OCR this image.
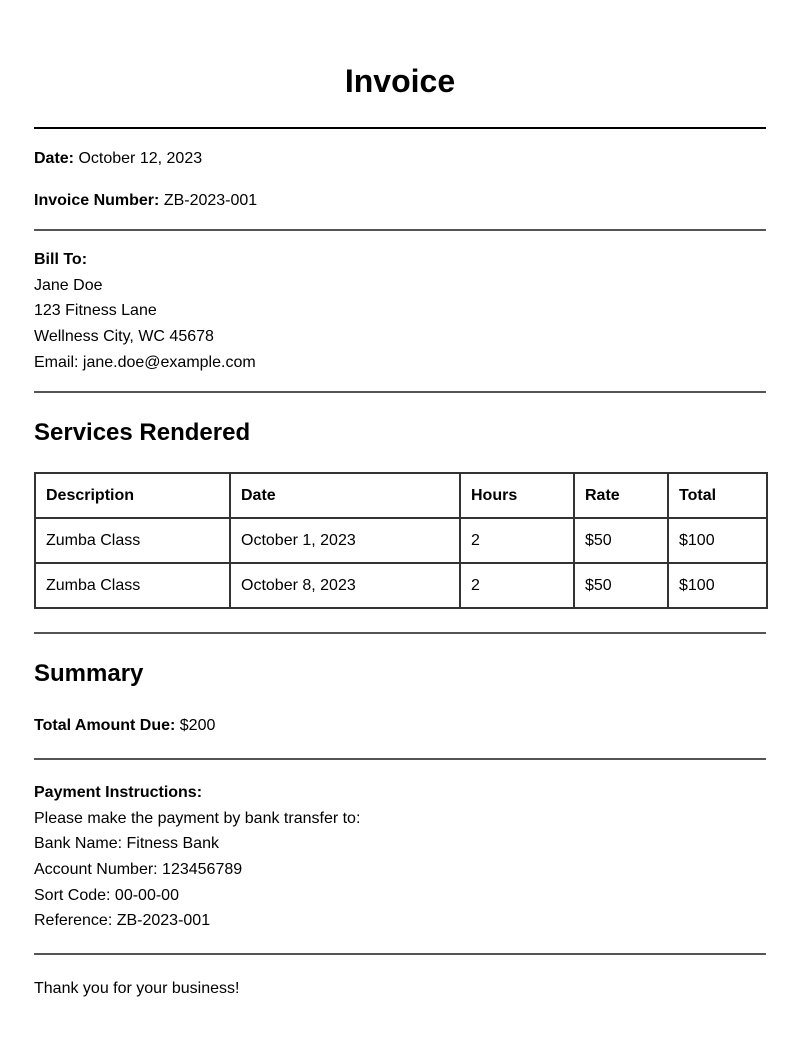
Invoice
Date: October 12, 2023
Invoice Number: ZB-2023-001
Bill To:
Jane Doe
123 Fitness Lane
Wellness City, WC 45678
Email: jane.doe@example.com
Services Rendered
Description	Date	Hours	Rate	Total
Zumba Class	October 1, 2023	2	$50	$100
Zumba Class	October 8, 2023	2	$50	$100
Summary
Total Amount Due: $200
Payment Instructions:
Please make the payment by bank transfer to:
Bank Name: Fitness Bank
Account Number: 123456789
Sort Code: 00-00-00
Reference: ZB-2023-001
Thank you for your business!
